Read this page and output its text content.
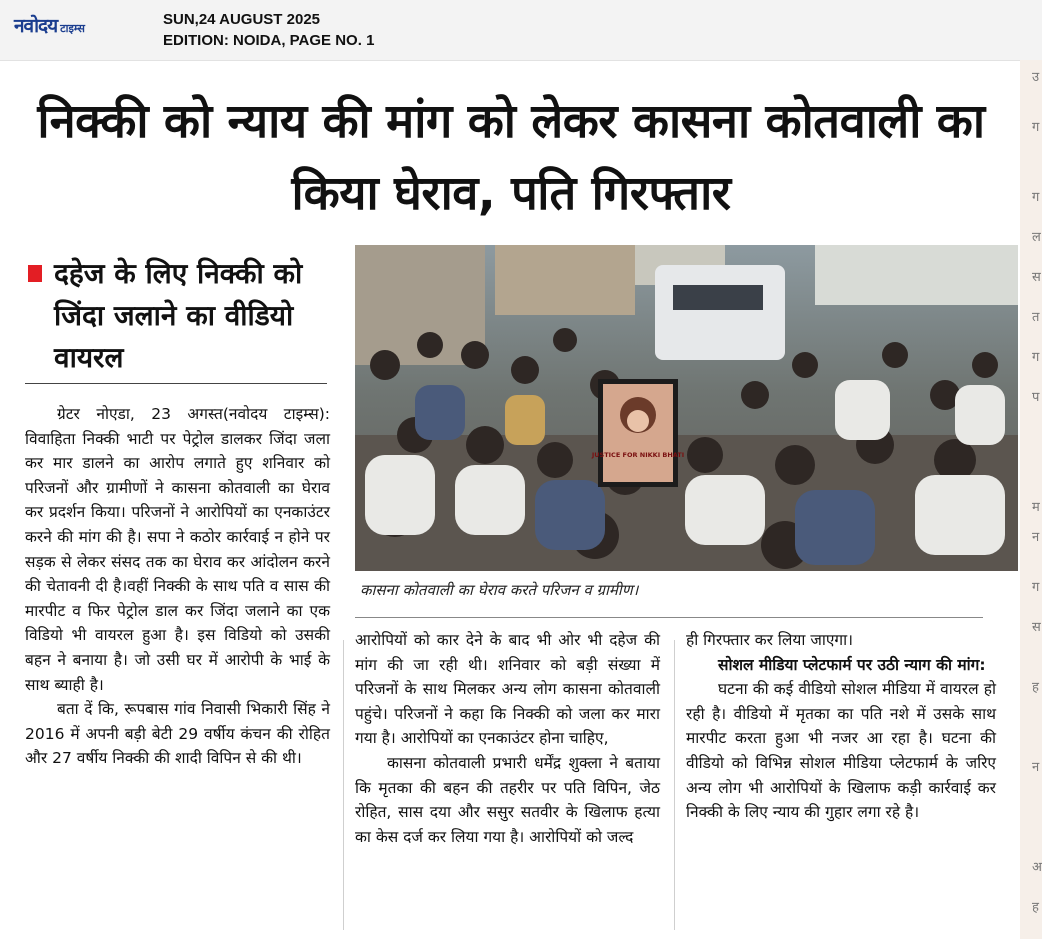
नवोदय टाइम्स
SUN,24 AUGUST 2025
EDITION: NOIDA, PAGE NO. 1
उ
ग
ग
ल
स
त
ग
प
म
न
ग
स
ह
न
अ
ह
निक्की को न्याय की मांग को लेकर कासना कोतवाली का किया घेराव, पति गिरफ्तार
दहेज के लिए निक्की को जिंदा जलाने का वीडियो वायरल

ग्रेटर नोएडा, 23 अगस्त(नवोदय टाइम्स): विवाहिता निक्की भाटी पर पेट्रोल डालकर जिंदा जला कर मार डालने का आरोप लगाते हुए शनिवार को परिजनों और ग्रामीणों ने कासना कोतवाली का घेराव कर प्रदर्शन किया। परिजनों ने आरोपियों का एनकाउंटर करने की मांग की है। सपा ने कठोर कार्रवाई न होने पर सड़क से लेकर संसद तक का घेराव कर आंदोलन करने की चेतावनी दी है।वहीं निक्की के साथ पति व सास की मारपीट व फिर पेट्रोल डाल कर जिंदा जलाने का एक विडियो भी वायरल हुआ है। इस विडियो को उसकी बहन ने बनाया है। जो उसी घर में आरोपी के भाई के साथ ब्याही है।

बता दें कि, रूपबास गांव निवासी भिकारी सिंह ने 2016 में अपनी बड़ी बेटी 29 वर्षीय कंचन की रोहित और 27 वर्षीय निक्की की शादी विपिन से की थी।

JUSTICE FOR NIKKI BHATI
कासना कोतवाली का घेराव करते परिजन व ग्रामीण।

आरोपियों को कार देने के बाद भी ओर भी दहेज की मांग की जा रही थी। शनिवार को बड़ी संख्या में परिजनों के साथ मिलकर अन्य लोग कासना कोतवाली पहुंचे। परिजनों ने कहा कि निक्की को जला कर मारा गया है। आरोपियों का एनकाउंटर होना चाहिए,

कासना कोतवाली प्रभारी धर्मेंद्र शुक्ला ने बताया कि मृतका की बहन की तहरीर पर पति विपिन, जेठ रोहित, सास दया और ससुर सतवीर के खिलाफ हत्या का केस दर्ज कर लिया गया है। आरोपियों को जल्द

ही गिरफ्तार कर लिया जाएगा।

सोशल मीडिया प्लेटफार्म पर उठी न्याग की मांग:

घटना की कई वीडियो सोशल मीडिया में वायरल हो रही है। वीडियो में मृतका का पति नशे में उसके साथ मारपीट करता हुआ भी नजर आ रहा है। घटना की वीडियो को विभिन्न सोशल मीडिया प्लेटफार्म के जरिए अन्य लोग भी आरोपियों के खिलाफ कड़ी कार्रवाई कर निक्की के लिए न्याय की गुहार लगा रहे है।
